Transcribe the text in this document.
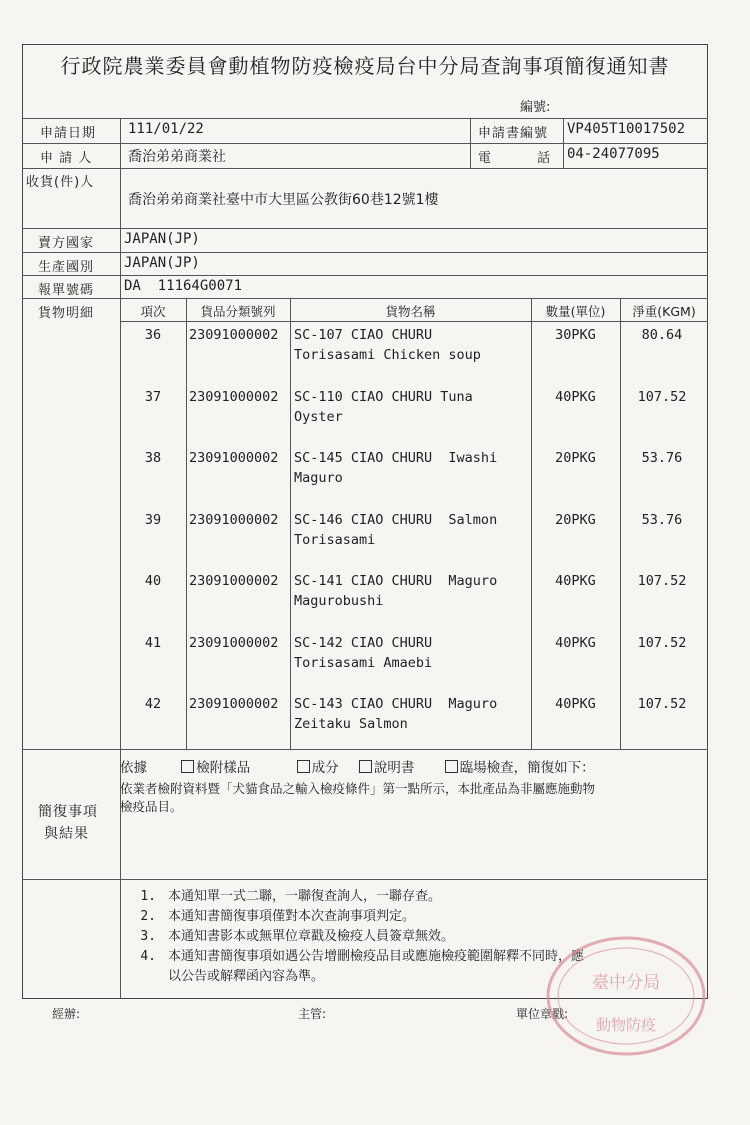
行政院農業委員會動植物防疫檢疫局台中分局查詢事項簡復通知書
編號:
申請日期 111/01/22	申請書編號 VP405T10017502
申 請 人	喬治弟弟商業社	電 話 04-24077095
收貨(件)人
喬治弟弟商業社臺中市大里區公教街60巷12號1樓
賣方國家 JAPAN(JP)
生產國別 JAPAN(JP)
報單號碼 DA  11164G0071
貨物明細	項次	貨品分類號列	貨物名稱	數量(單位)	淨重(KGM)
36	23091000002	SC-107 CIAO CHURU
Torisasami Chicken soup
30PKG	80.64
37	23091000002	SC-110 CIAO CHURU Tuna
Oyster
40PKG	107.52
38	23091000002	SC-145 CIAO CHURU  Iwashi
Maguro
20PKG	53.76
39	23091000002	SC-146 CIAO CHURU  Salmon
Torisasami
20PKG	53.76
40	23091000002	SC-141 CIAO CHURU  Maguro
Magurobushi
40PKG	107.52
41	23091000002	SC-142 CIAO CHURU
Torisasami Amaebi
40PKG	107.52
42	23091000002	SC-143 CIAO CHURU  Maguro
Zeitaku Salmon
40PKG	107.52
簡復事項
與結果
依據	檢附樣品	成分	說明書	臨場檢查，簡復如下：
依業者檢附資料暨「犬貓食品之輸入檢疫條件」第一點所示，本批產品為非屬應施動物
檢疫品目。
1. 本通知單一式二聯，一聯復查詢人，一聯存查。
2. 本通知書簡復事項僅對本次查詢事項判定。
3. 本通知書影本或無單位章戳及檢疫人員簽章無效。
4. 本通知書簡復事項如遇公告增刪檢疫品目或應施檢疫範圍解釋不同時，應
以公告或解釋函內容為準。
經辦:	主管:	單位章戳:
臺中分局
動物防疫
